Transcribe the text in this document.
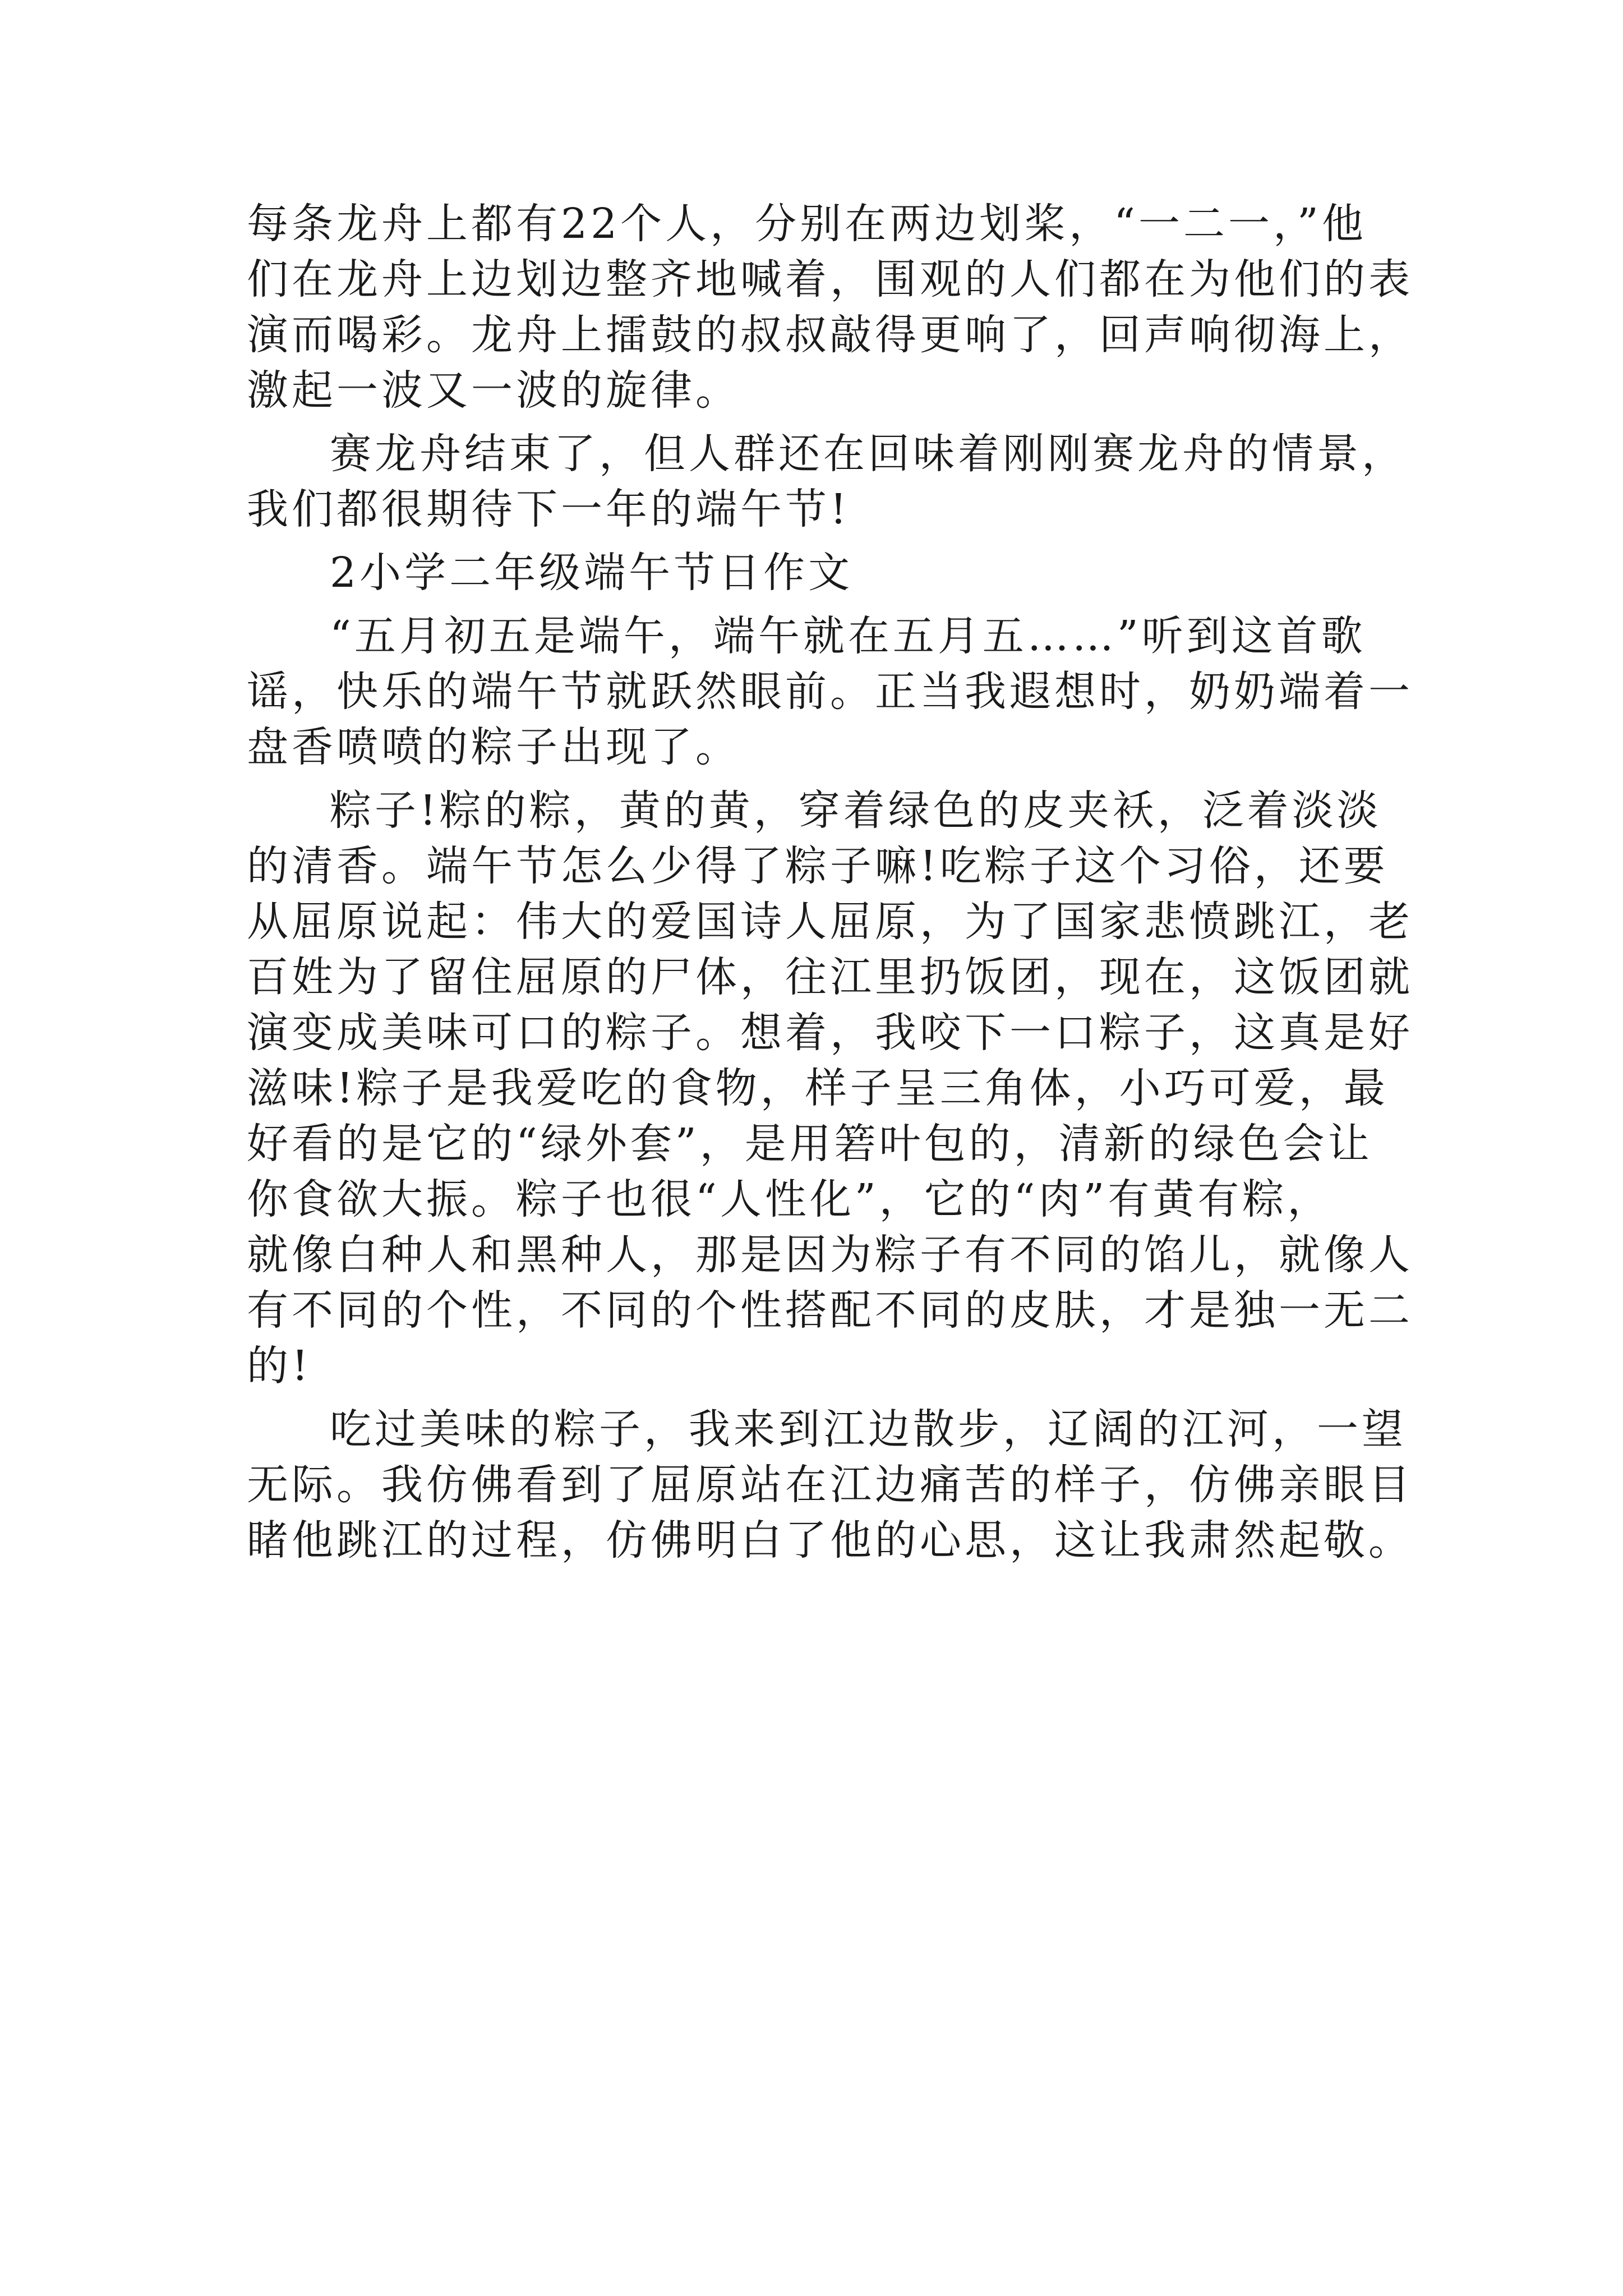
每条龙舟上都有22个人，分别在两边划桨，“一二一，”他
们在龙舟上边划边整齐地喊着，围观的人们都在为他们的表
演而喝彩。龙舟上擂鼓的叔叔敲得更响了，回声响彻海上，
激起一波又一波的旋律。
赛龙舟结束了，但人群还在回味着刚刚赛龙舟的情景，
我们都很期待下一年的端午节!
2小学二年级端午节日作文
“五月初五是端午，端午就在五月五……”听到这首歌
谣，快乐的端午节就跃然眼前。正当我遐想时，奶奶端着一
盘香喷喷的粽子出现了。
粽子!粽的粽，黄的黄，穿着绿色的皮夹袄，泛着淡淡
的清香。端午节怎么少得了粽子嘛!吃粽子这个习俗，还要
从屈原说起：伟大的爱国诗人屈原，为了国家悲愤跳江，老
百姓为了留住屈原的尸体，往江里扔饭团，现在，这饭团就
演变成美味可口的粽子。想着，我咬下一口粽子，这真是好
滋味!粽子是我爱吃的食物，样子呈三角体，小巧可爱，最
好看的是它的“绿外套”，是用箬叶包的，清新的绿色会让
你食欲大振。粽子也很“人性化”，它的“肉”有黄有粽，
就像白种人和黑种人，那是因为粽子有不同的馅儿，就像人
有不同的个性，不同的个性搭配不同的皮肤，才是独一无二
的!
吃过美味的粽子，我来到江边散步，辽阔的江河，一望
无际。我仿佛看到了屈原站在江边痛苦的样子，仿佛亲眼目
睹他跳江的过程，仿佛明白了他的心思，这让我肃然起敬。
